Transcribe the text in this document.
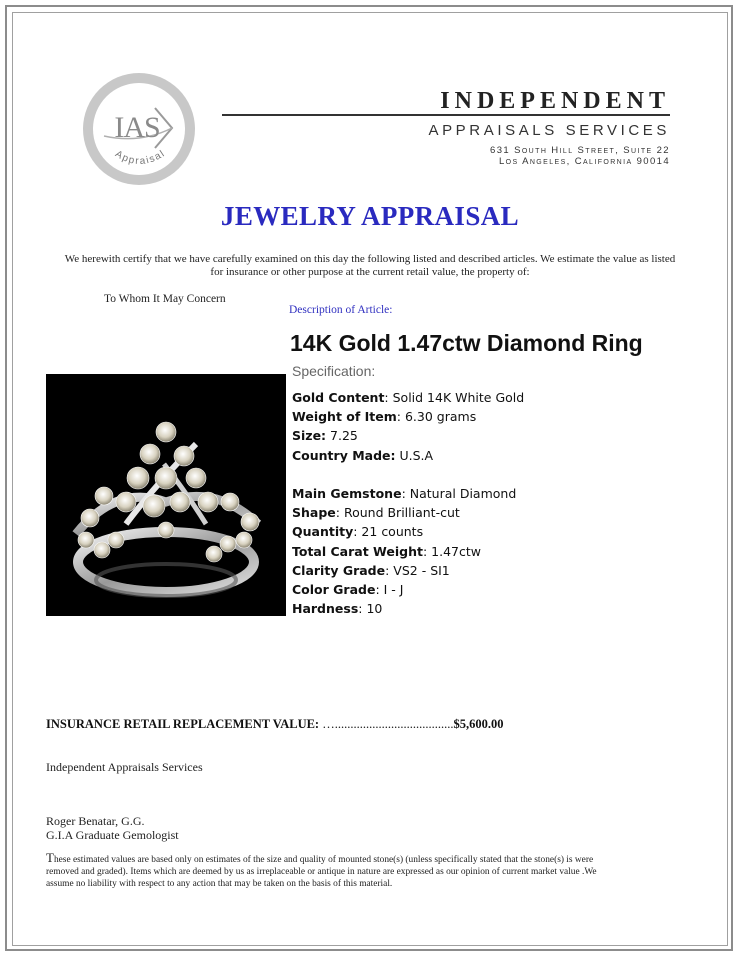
IAS
Appraisal
INDEPENDENT
APPRAISALS SERVICES
631 South Hill Street, Suite 22
Los Angeles, California 90014
JEWELRY APPRAISAL
We herewith certify that we have carefully examined on this day the following listed and described articles. We estimate the value as listed for insurance or other purpose at the current retail value, the property of:
To Whom It May Concern
Description of Article:
14K Gold 1.47ctw Diamond Ring
Specification:
Gold Content: Solid 14K White Gold
Weight of Item: 6.30 grams
Size: 7.25
Country Made: U.S.A
Main Gemstone: Natural Diamond
Shape: Round Brilliant-cut
Quantity: 21 counts
Total Carat Weight: 1.47ctw
Clarity Grade: VS2 - SI1
Color Grade: I - J
Hardness: 10
INSURANCE RETAIL REPLACEMENT VALUE: …......................................$5,600.00
Independent Appraisals Services
Roger Benatar, G.G.
G.I.A Graduate Gemologist
These estimated values are based only on estimates of the size and quality of mounted stone(s) (unless specifically stated that the stone(s) is were removed and graded). Items which are deemed by us as irreplaceable or antique in nature are expressed as our opinion of current market value .We assume no liability with respect to any action that may be taken on the basis of this material.
